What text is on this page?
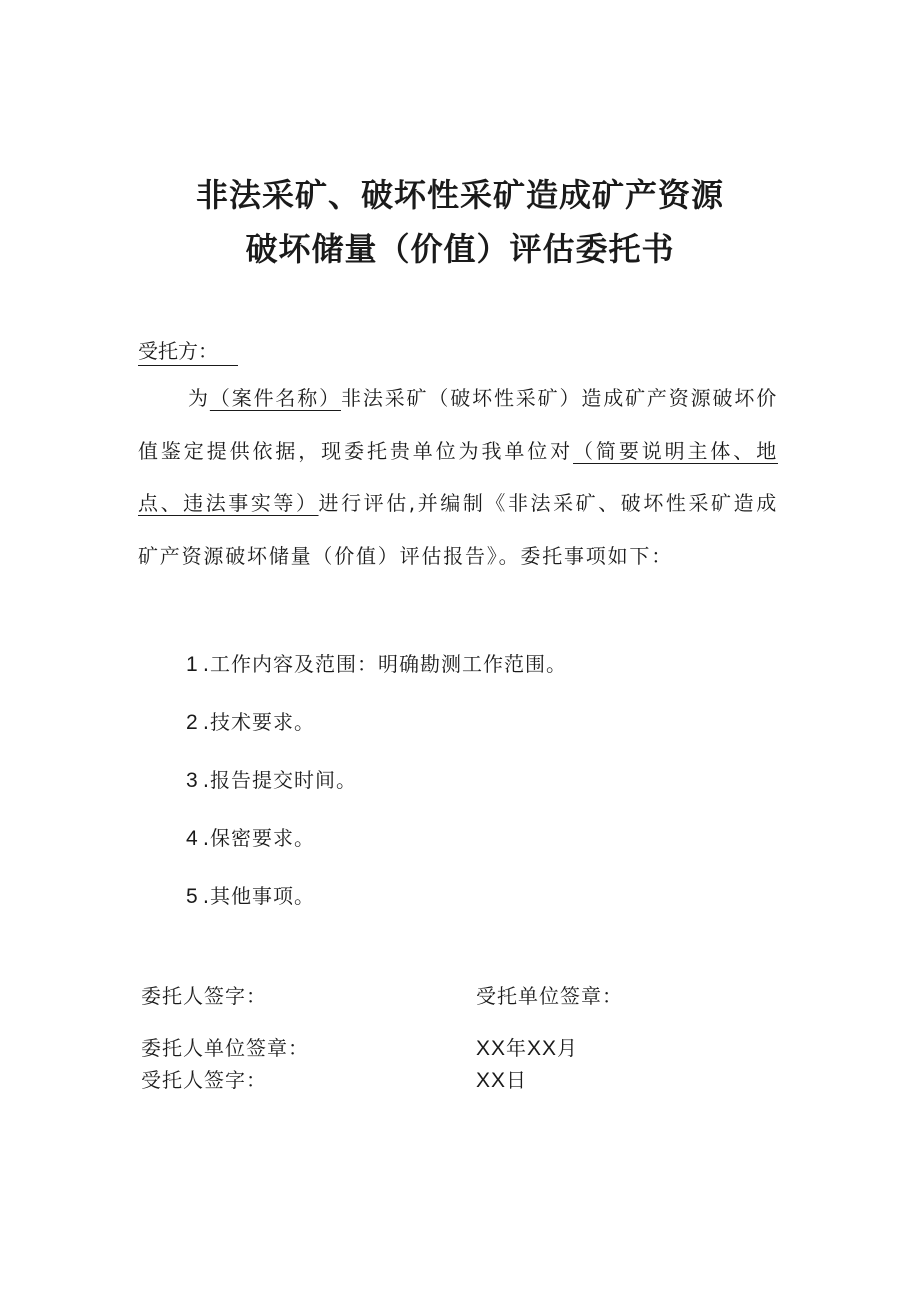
非法采矿、破坏性采矿造成矿产资源
破坏储量（价值）评估委托书
受托方：
为（案件名称）非法采矿（破坏性采矿）造成矿产资源破坏价值鉴定提供依据，现委托贵单位为我单位对（简要说明主体、地点、违法事实等）进行评估,并编制《非法采矿、破坏性采矿造成矿产资源破坏储量（价值）评估报告》。委托事项如下：
1 .工作内容及范围：明确勘测工作范围。
2 .技术要求。
3 .报告提交时间。
4 .保密要求。
5 .其他事项。
委托人签字：	受托单位签章：
委托人单位签章：	XX年XX月
受托人签字：	XX日
